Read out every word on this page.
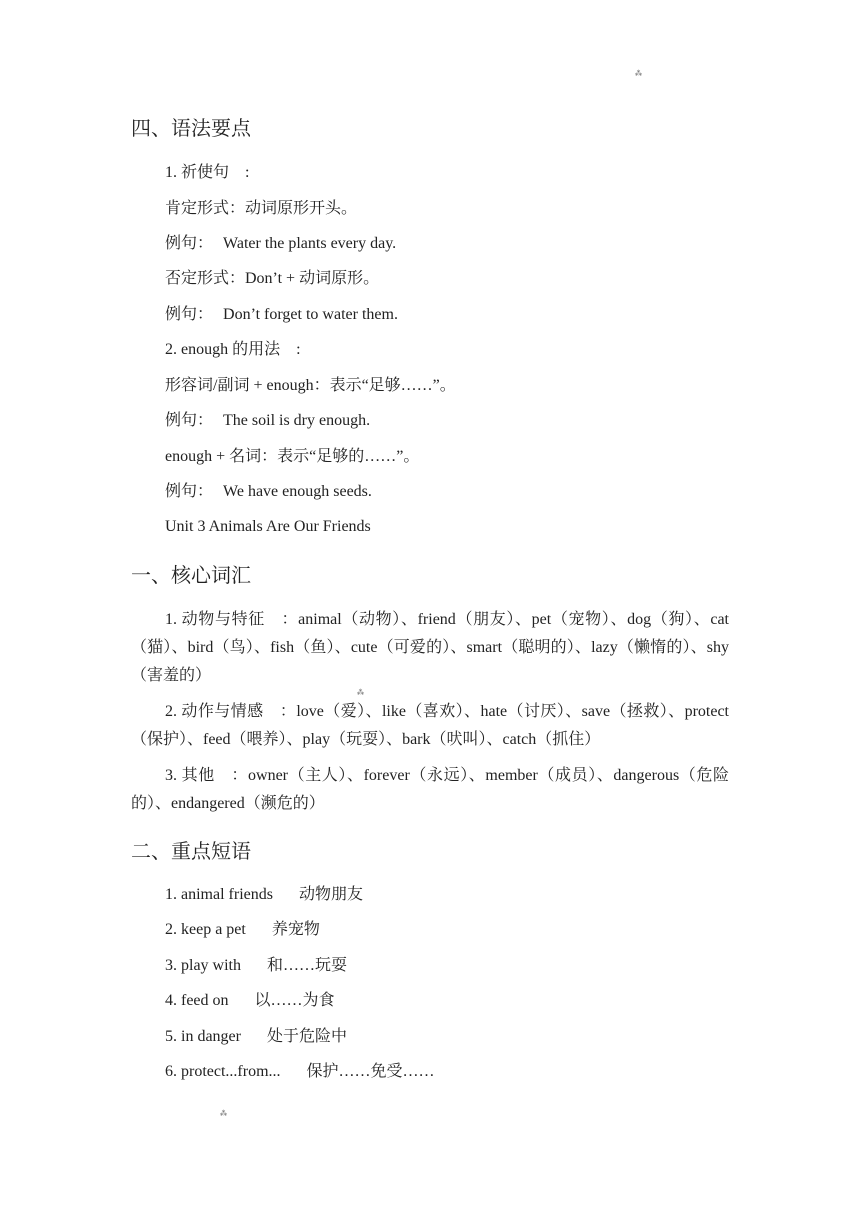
⁂
四、语法要点
1. 祈使句　:
肯定形式：动词原形开头。
例句： Water the plants every day.
否定形式：Don’t + 动词原形。
例句： Don’t forget to water them.
2. enough 的用法　:
形容词/副词 + enough：表示“足够……”。
例句： The soil is dry enough.
enough + 名词：表示“足够的……”。
例句： We have enough seeds.
Unit 3 Animals Are Our Friends
一、核心词汇
1. 动物与特征　：animal（动物）、friend（朋友）、pet（宠物）、dog（狗）、cat（猫）、bird（鸟）、fish（鱼）、cute（可爱的）、smart（聪明的）、lazy（懒惰的）、shy（害羞的）
⁂
2. 动作与情感　：love（爱）、like（喜欢）、hate（讨厌）、save（拯救）、protect（保护）、feed（喂养）、play（玩耍）、bark（吠叫）、catch（抓住）
3. 其他　：owner（主人）、forever（永远）、member（成员）、dangerous（危险的）、endangered（濒危的）
二、重点短语
1. animal friends 动物朋友
2. keep a pet 养宠物
3. play with 和……玩耍
4. feed on 以……为食
5. in danger 处于危险中
6. protect...from... 保护……免受……
⁂
